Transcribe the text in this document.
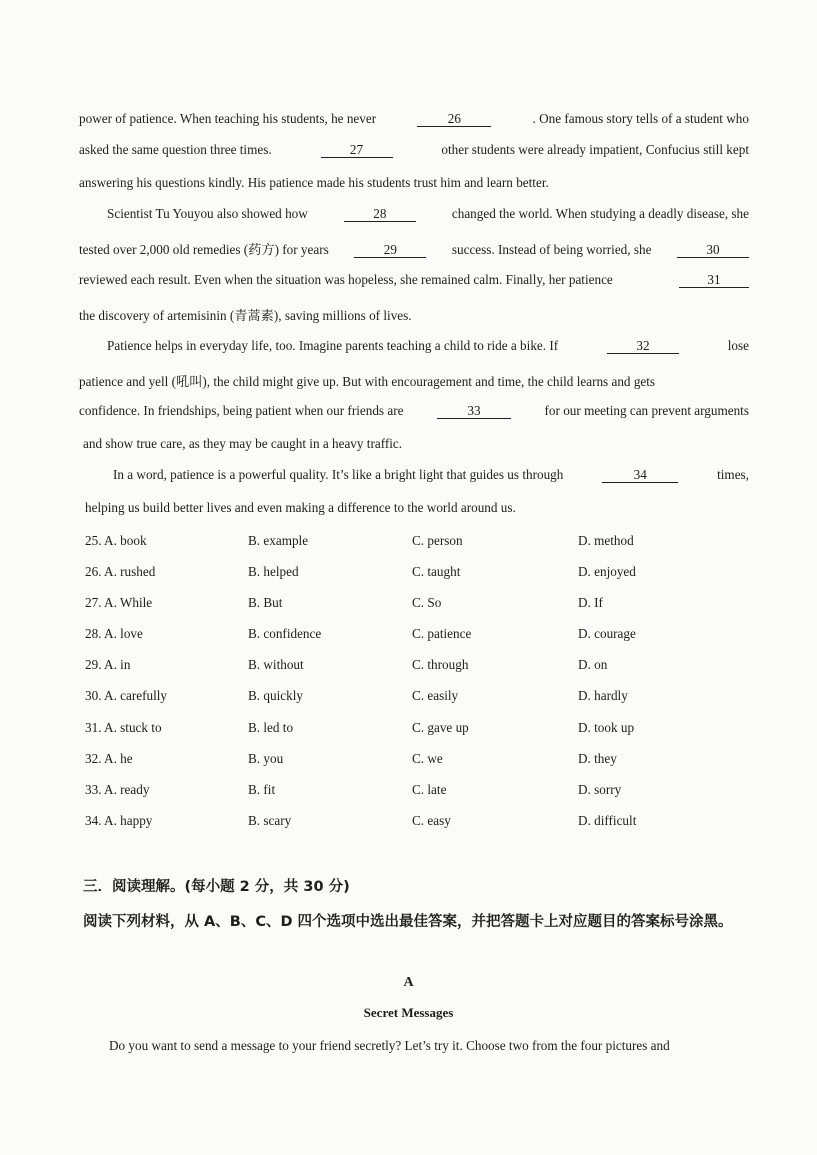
power of patience. When teaching his students, he never	26	. One famous story tells of a student who
asked the same question three times.	27	other students were already impatient, Confucius still kept
answering his questions kindly. His patience made his students trust him and learn better.
Scientist Tu Youyou also showed how	28	changed the world. When studying a deadly disease, she
tested over 2,000 old remedies (药方) for years	29	success. Instead of being worried, she	30
reviewed each result. Even when the situation was hopeless, she remained calm. Finally, her patience	31
the discovery of artemisinin (青蒿素), saving millions of lives.
Patience helps in everyday life, too. Imagine parents teaching a child to ride a bike. If	32	lose
patience and yell (吼叫), the child might give up. But with encouragement and time, the child learns and gets
confidence. In friendships, being patient when our friends are	33	for our meeting can prevent arguments
and show true care, as they may be caught in a heavy traffic.
In a word, patience is a powerful quality. It’s like a bright light that guides us through	34	times,
helping us build better lives and even making a difference to the world around us.
25. A. book	B. example	C. person	D. method
26. A. rushed	B. helped	C. taught	D. enjoyed
27. A. While	B. But	C. So	D. If
28. A. love	B. confidence	C. patience	D. courage
29. A. in	B. without	C. through	D. on
30. A. carefully	B. quickly	C. easily	D. hardly
31. A. stuck to	B. led to	C. gave up	D. took up
32. A. he	B. you	C. we	D. they
33. A. ready	B. fit	C. late	D. sorry
34. A. happy	B. scary	C. easy	D. difficult
三．阅读理解。(每小题 2 分，共 30 分)
阅读下列材料，从 A、B、C、D 四个选项中选出最佳答案，并把答题卡上对应题目的答案标号涂黑。
A
Secret Messages
Do you want to send a message to your friend secretly? Let’s try it. Choose two from the four pictures and
